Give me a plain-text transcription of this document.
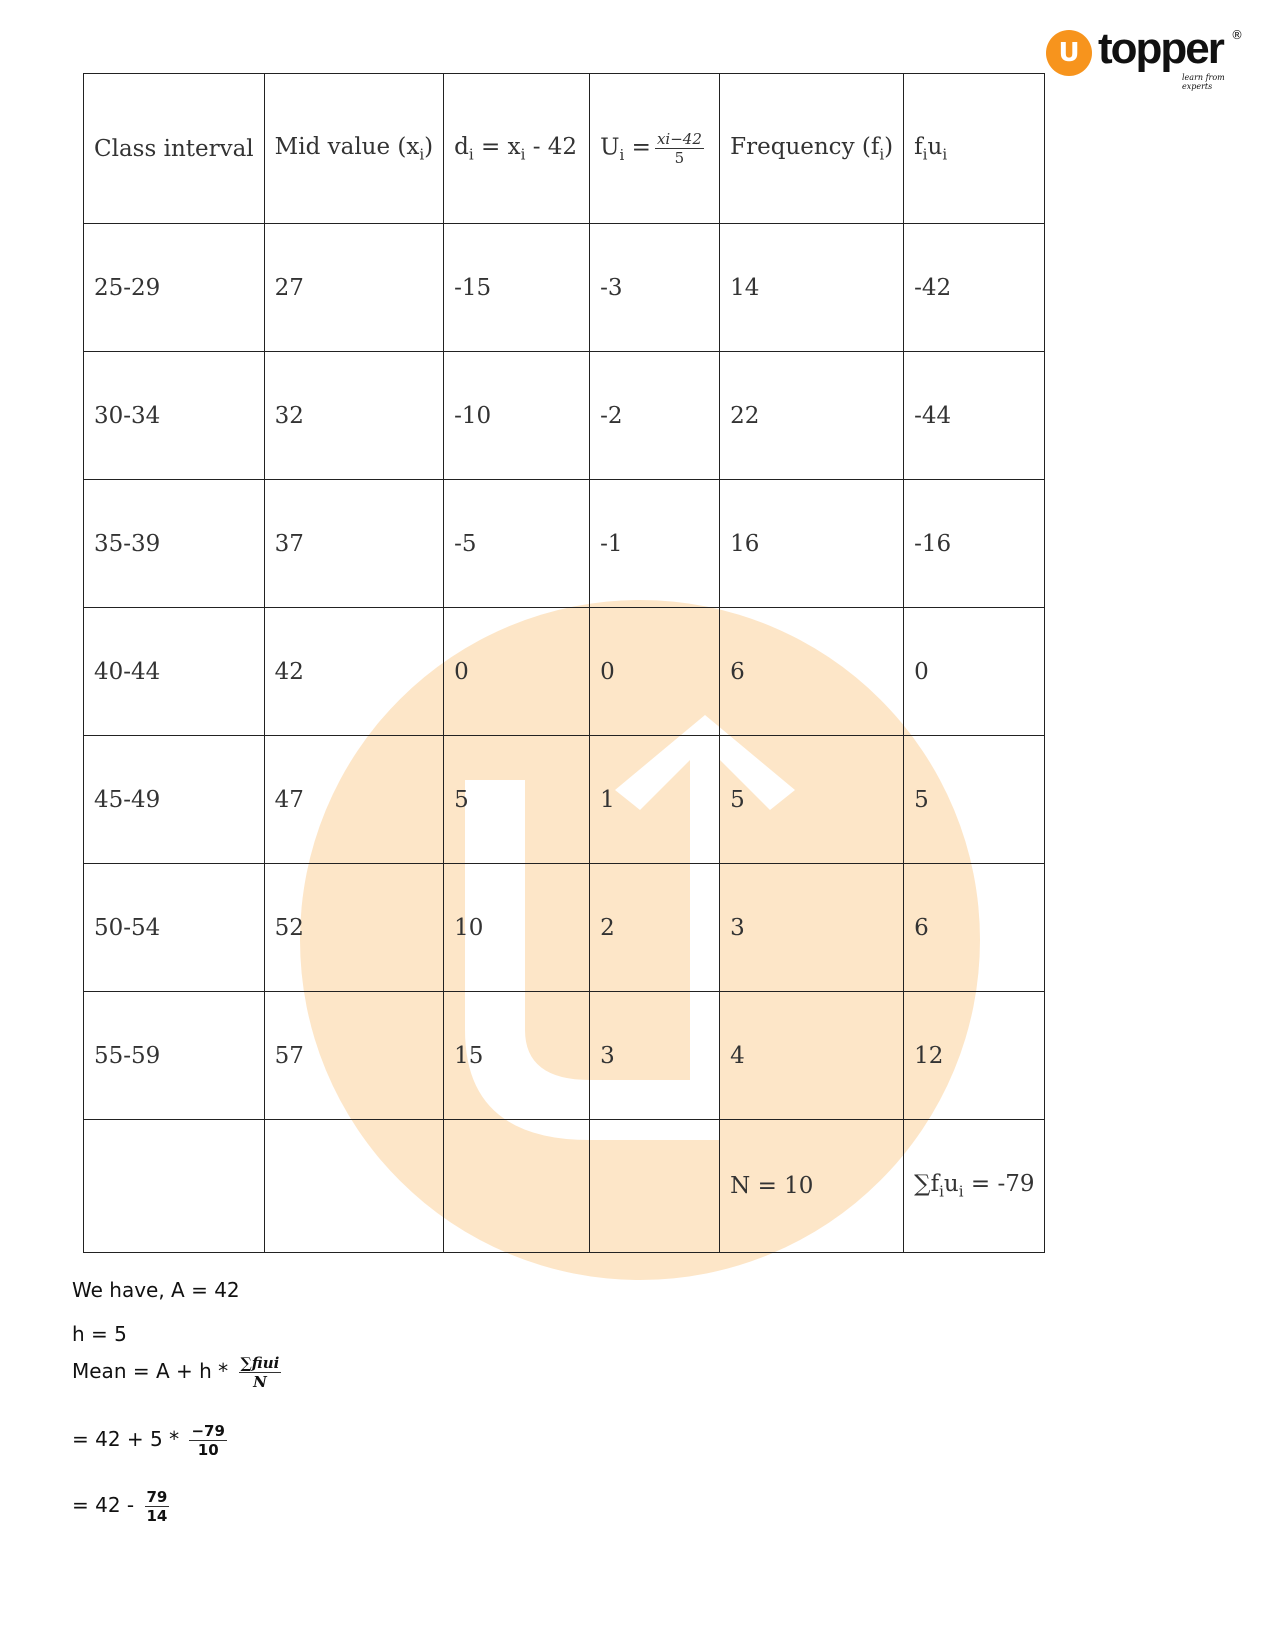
U topper ®
learn from experts
Class interval	Mid value $(x_i)$	$d_i = x_i - 42$	$U_i = \frac{xi-42}{5}$	Frequency $(f_i)$	$f_iu_i$
25-29	27	-15	-3	14	-42
30-34	32	-10	-2	22	-44
35-39	37	-5	-1	16	-16
40-44	42	0	0	6	0
45-49	47	5	1	5	5
50-54	52	10	2	3	6
55-59	57	15	3	4	12
				N = 10	$\sum f_iu_i = -79$
We have, A = 42
h = 5
Mean = $A + h * \frac{\text{∑fiui}}{N}$
= $42 + 5 * \frac{-79}{10}$
= $42 - \frac{79}{14}$
